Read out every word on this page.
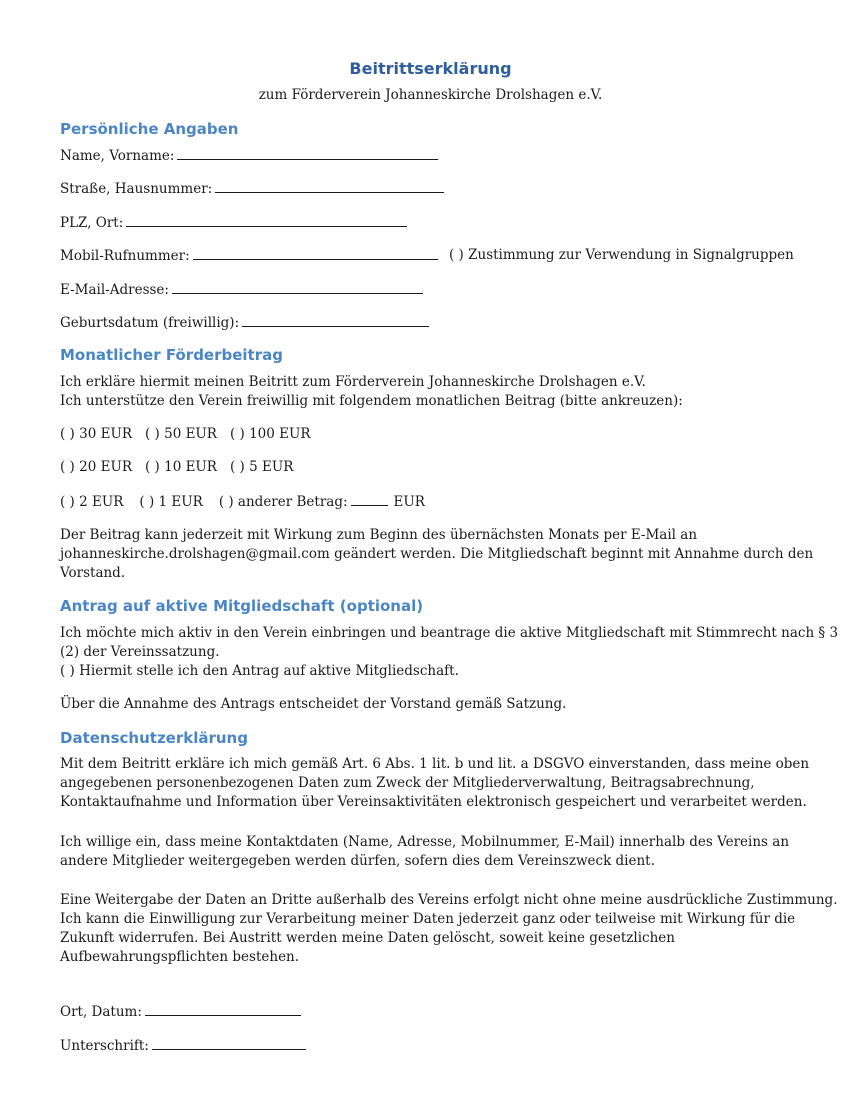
Beitrittserklärung
zum Förderverein Johanneskirche Drolshagen e.V.
Persönliche Angaben
Name, Vorname:
Straße, Hausnummer:
PLZ, Ort:
Mobil-Rufnummer:	( ) Zustimmung zur Verwendung in Signalgruppen
E-Mail-Adresse:
Geburtsdatum (freiwillig):
Monatlicher Förderbeitrag
Ich erkläre hiermit meinen Beitritt zum Förderverein Johanneskirche Drolshagen e.V.
Ich unterstütze den Verein freiwillig mit folgendem monatlichen Beitrag (bitte ankreuzen):
( ) 30 EUR ( ) 50 EUR ( ) 100 EUR
( ) 20 EUR ( ) 10 EUR ( ) 5 EUR
( ) 2 EUR ( ) 1 EUR ( ) anderer Betrag:	EUR
Der Beitrag kann jederzeit mit Wirkung zum Beginn des übernächsten Monats per E-Mail an
johanneskirche.drolshagen@gmail.com geändert werden. Die Mitgliedschaft beginnt mit Annahme durch den
Vorstand.
Antrag auf aktive Mitgliedschaft (optional)
Ich möchte mich aktiv in den Verein einbringen und beantrage die aktive Mitgliedschaft mit Stimmrecht nach § 3
(2) der Vereinssatzung.
( ) Hiermit stelle ich den Antrag auf aktive Mitgliedschaft.
Über die Annahme des Antrags entscheidet der Vorstand gemäß Satzung.
Datenschutzerklärung
Mit dem Beitritt erkläre ich mich gemäß Art. 6 Abs. 1 lit. b und lit. a DSGVO einverstanden, dass meine oben
angegebenen personenbezogenen Daten zum Zweck der Mitgliederverwaltung, Beitragsabrechnung,
Kontaktaufnahme und Information über Vereinsaktivitäten elektronisch gespeichert und verarbeitet werden.
Ich willige ein, dass meine Kontaktdaten (Name, Adresse, Mobilnummer, E-Mail) innerhalb des Vereins an
andere Mitglieder weitergegeben werden dürfen, sofern dies dem Vereinszweck dient.
Eine Weitergabe der Daten an Dritte außerhalb des Vereins erfolgt nicht ohne meine ausdrückliche Zustimmung.
Ich kann die Einwilligung zur Verarbeitung meiner Daten jederzeit ganz oder teilweise mit Wirkung für die
Zukunft widerrufen. Bei Austritt werden meine Daten gelöscht, soweit keine gesetzlichen
Aufbewahrungspflichten bestehen.
Ort, Datum:
Unterschrift:
